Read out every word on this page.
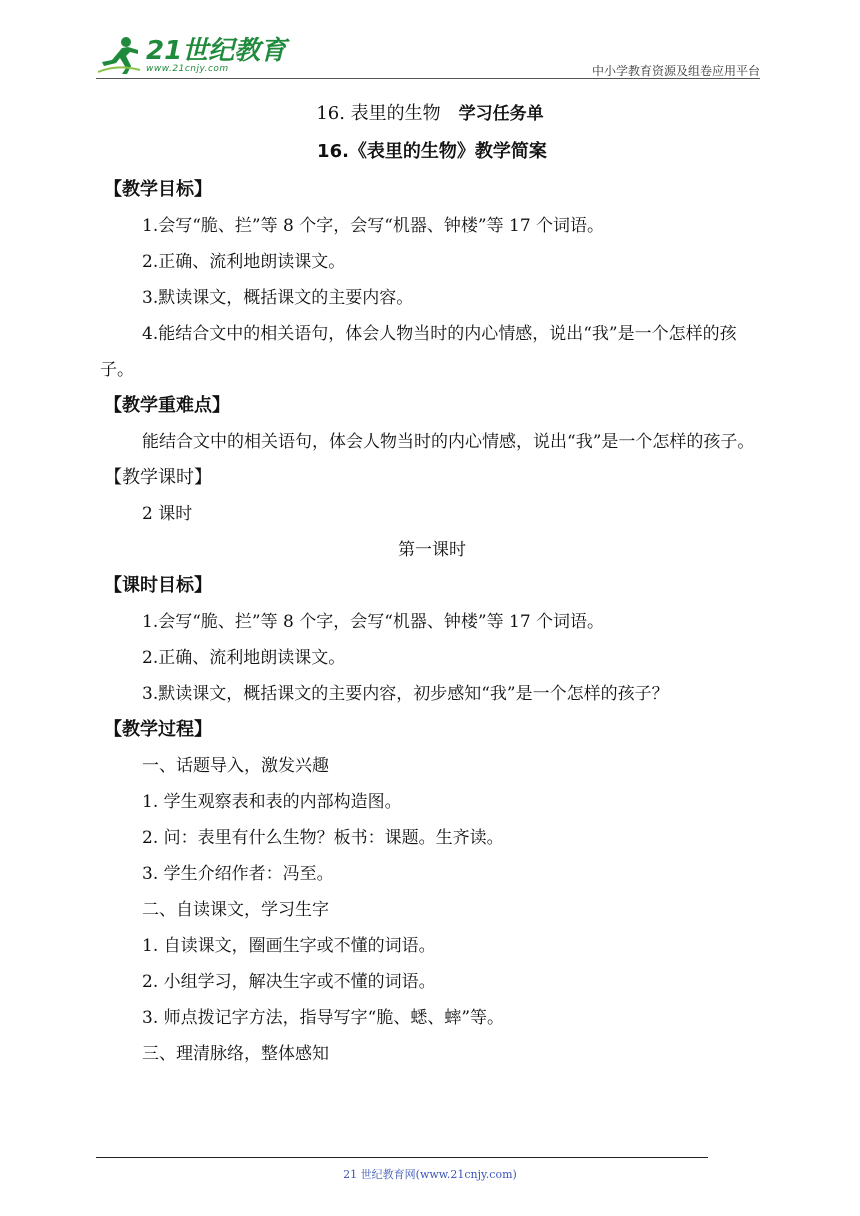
21世纪教育
www.21cnjy.com	中小学教育资源及组卷应用平台
16. 表里的生物 学习任务单
16.《表里的生物》教学简案
【教学目标】
1.会写“脆、拦”等 8 个字，会写“机器、钟楼”等 17 个词语。
2.正确、流利地朗读课文。
3.默读课文，概括课文的主要内容。
4.能结合文中的相关语句，体会人物当时的内心情感，说出“我”是一个怎样的孩子。
【教学重难点】
能结合文中的相关语句，体会人物当时的内心情感，说出“我”是一个怎样的孩子。
【教学课时】
2 课时
第一课时
【课时目标】
1.会写“脆、拦”等 8 个字，会写“机器、钟楼”等 17 个词语。
2.正确、流利地朗读课文。
3.默读课文，概括课文的主要内容，初步感知“我”是一个怎样的孩子？
【教学过程】
一、话题导入，激发兴趣
1. 学生观察表和表的内部构造图。
2. 问：表里有什么生物？板书：课题。生齐读。
3. 学生介绍作者：冯至。
二、自读课文，学习生字
1. 自读课文，圈画生字或不懂的词语。
2. 小组学习，解决生字或不懂的词语。
3. 师点拨记字方法，指导写字“脆、蟋、蟀”等。
三、理清脉络，整体感知
21 世纪教育网(www.21cnjy.com)
